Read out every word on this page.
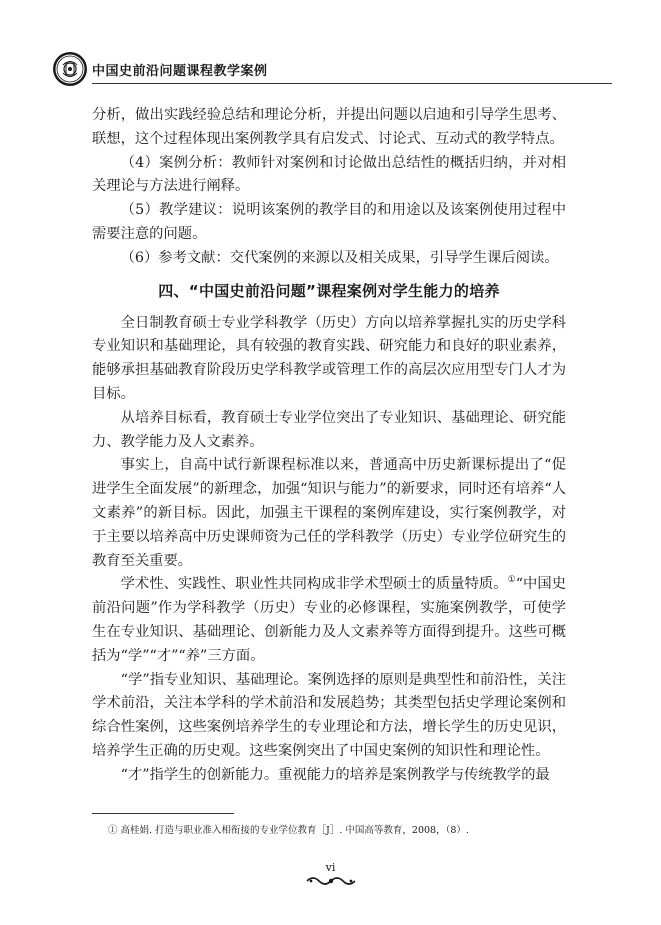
中国史前沿问题课程教学案例

分析，做出实践经验总结和理论分析，并提出问题以启迪和引导学生思考、联想，这个过程体现出案例教学具有启发式、讨论式、互动式的教学特点。

（4）案例分析：教师针对案例和讨论做出总结性的概括归纳，并对相关理论与方法进行阐释。

（5）教学建议：说明该案例的教学目的和用途以及该案例使用过程中需要注意的问题。

（6）参考文献：交代案例的来源以及相关成果，引导学生课后阅读。

四、“中国史前沿问题”课程案例对学生能力的培养

全日制教育硕士专业学科教学（历史）方向以培养掌握扎实的历史学科专业知识和基础理论，具有较强的教育实践、研究能力和良好的职业素养，能够承担基础教育阶段历史学科教学或管理工作的高层次应用型专门人才为目标。

从培养目标看，教育硕士专业学位突出了专业知识、基础理论、研究能力、教学能力及人文素养。

事实上，自高中试行新课程标准以来，普通高中历史新课标提出了“促进学生全面发展”的新理念，加强“知识与能力”的新要求，同时还有培养“人文素养”的新目标。因此，加强主干课程的案例库建设，实行案例教学，对于主要以培养高中历史课师资为己任的学科教学（历史）专业学位研究生的教育至关重要。

学术性、实践性、职业性共同构成非学术型硕士的质量特质。①“中国史前沿问题”作为学科教学（历史）专业的必修课程，实施案例教学，可使学生在专业知识、基础理论、创新能力及人文素养等方面得到提升。这些可概括为“学”“才”“养”三方面。

“学”指专业知识、基础理论。案例选择的原则是典型性和前沿性，关注学术前沿，关注本学科的学术前沿和发展趋势；其类型包括史学理论案例和综合性案例，这些案例培养学生的专业理论和方法，增长学生的历史见识，培养学生正确的历史观。这些案例突出了中国史案例的知识性和理论性。

“才”指学生的创新能力。重视能力的培养是案例教学与传统教学的最

① 高桂娟. 打造与职业准入相衔接的专业学位教育［J］. 中国高等教育，2008，（8）.
vi
